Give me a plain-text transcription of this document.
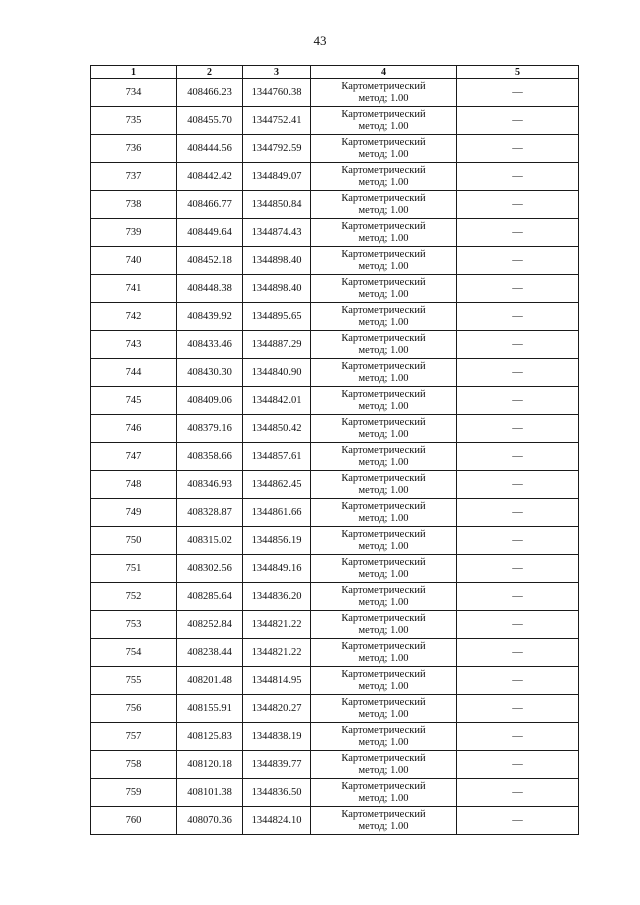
43
1	2	3	4	5
734	408466.23	1344760.38	Картометрический
метод; 1.00	—
735	408455.70	1344752.41	Картометрический
метод; 1.00	—
736	408444.56	1344792.59	Картометрический
метод; 1.00	—
737	408442.42	1344849.07	Картометрический
метод; 1.00	—
738	408466.77	1344850.84	Картометрический
метод; 1.00	—
739	408449.64	1344874.43	Картометрический
метод; 1.00	—
740	408452.18	1344898.40	Картометрический
метод; 1.00	—
741	408448.38	1344898.40	Картометрический
метод; 1.00	—
742	408439.92	1344895.65	Картометрический
метод; 1.00	—
743	408433.46	1344887.29	Картометрический
метод; 1.00	—
744	408430.30	1344840.90	Картометрический
метод; 1.00	—
745	408409.06	1344842.01	Картометрический
метод; 1.00	—
746	408379.16	1344850.42	Картометрический
метод; 1.00	—
747	408358.66	1344857.61	Картометрический
метод; 1.00	—
748	408346.93	1344862.45	Картометрический
метод; 1.00	—
749	408328.87	1344861.66	Картометрический
метод; 1.00	—
750	408315.02	1344856.19	Картометрический
метод; 1.00	—
751	408302.56	1344849.16	Картометрический
метод; 1.00	—
752	408285.64	1344836.20	Картометрический
метод; 1.00	—
753	408252.84	1344821.22	Картометрический
метод; 1.00	—
754	408238.44	1344821.22	Картометрический
метод; 1.00	—
755	408201.48	1344814.95	Картометрический
метод; 1.00	—
756	408155.91	1344820.27	Картометрический
метод; 1.00	—
757	408125.83	1344838.19	Картометрический
метод; 1.00	—
758	408120.18	1344839.77	Картометрический
метод; 1.00	—
759	408101.38	1344836.50	Картометрический
метод; 1.00	—
760	408070.36	1344824.10	Картометрический
метод; 1.00	—
